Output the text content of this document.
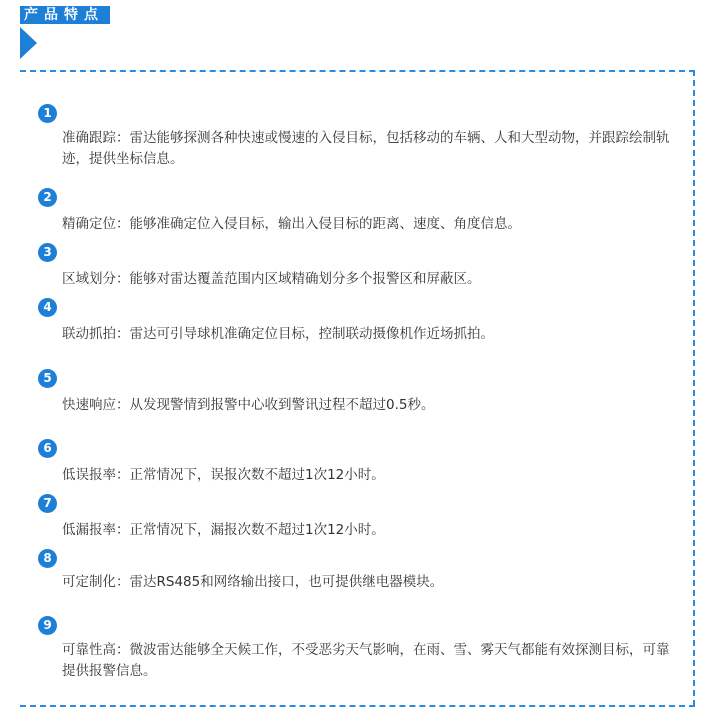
产品特点
1
准确跟踪：雷达能够探测各种快速或慢速的入侵目标，包括移动的车辆、人和大型动物，并跟踪绘制轨迹，提供坐标信息。
2
精确定位：能够准确定位入侵目标，输出入侵目标的距离、速度、角度信息。
3
区域划分：能够对雷达覆盖范围内区域精确划分多个报警区和屏蔽区。
4
联动抓拍：雷达可引导球机准确定位目标，控制联动摄像机作近场抓拍。
5
快速响应：从发现警情到报警中心收到警讯过程不超过0.5秒。
6
低误报率：正常情况下，误报次数不超过1次12小时。
7
低漏报率：正常情况下，漏报次数不超过1次12小时。
8
可定制化：雷达RS485和网络输出接口，也可提供继电器模块。
9
可靠性高：微波雷达能够全天候工作，不受恶劣天气影响，在雨、雪、雾天气都能有效探测目标，可靠提供报警信息。
